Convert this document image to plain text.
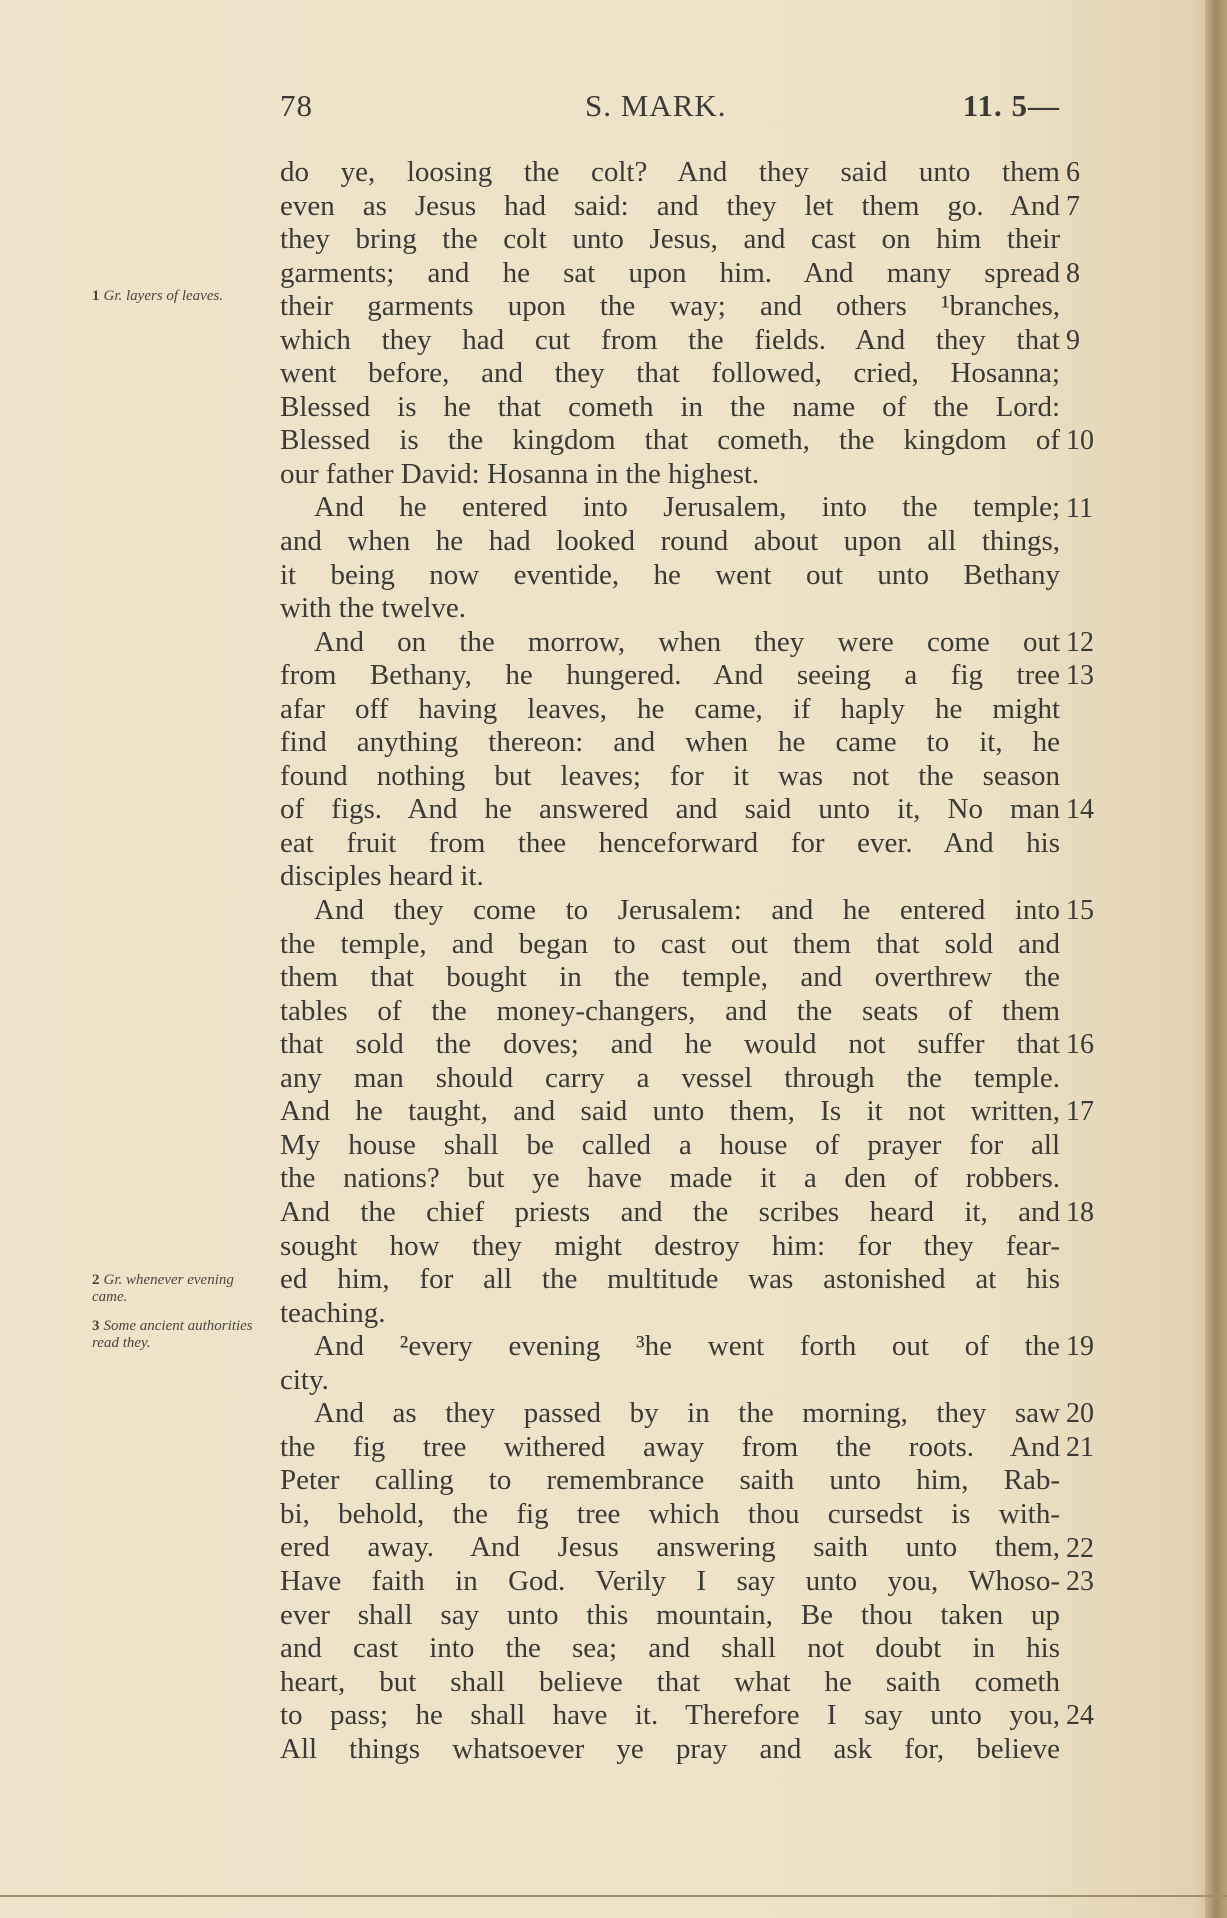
78	S. MARK.	11. 5—
do ye, loosing the colt? And they said unto them
even as Jesus had said: and they let them go. And
they bring the colt unto Jesus, and cast on him their
garments; and he sat upon him. And many spread
their garments upon the way; and others ¹branches,
which they had cut from the fields. And they that
went before, and they that followed, cried, Hosanna;
Blessed is he that cometh in the name of the Lord:
Blessed is the kingdom that cometh, the kingdom of
our father David: Hosanna in the highest.
And he entered into Jerusalem, into the temple;
and when he had looked round about upon all things,
it being now eventide, he went out unto Bethany
with the twelve.
And on the morrow, when they were come out
from Bethany, he hungered. And seeing a fig tree
afar off having leaves, he came, if haply he might
find anything thereon: and when he came to it, he
found nothing but leaves; for it was not the season
of figs. And he answered and said unto it, No man
eat fruit from thee henceforward for ever. And his
disciples heard it.
And they come to Jerusalem: and he entered into
the temple, and began to cast out them that sold and
them that bought in the temple, and overthrew the
tables of the money-changers, and the seats of them
that sold the doves; and he would not suffer that
any man should carry a vessel through the temple.
And he taught, and said unto them, Is it not written,
My house shall be called a house of prayer for all
the nations? but ye have made it a den of robbers.
And the chief priests and the scribes heard it, and
sought how they might destroy him: for they fear-
ed him, for all the multitude was astonished at his
teaching.
And ²every evening ³he went forth out of the
city.
And as they passed by in the morning, they saw
the fig tree withered away from the roots. And
Peter calling to remembrance saith unto him, Rab-
bi, behold, the fig tree which thou cursedst is with-
ered away. And Jesus answering saith unto them,
Have faith in God. Verily I say unto you, Whoso-
ever shall say unto this mountain, Be thou taken up
and cast into the sea; and shall not doubt in his
heart, but shall believe that what he saith cometh
to pass; he shall have it. Therefore I say unto you,
All things whatsoever ye pray and ask for, believe
6
7
8
9
10
11
12
13
14
15
16
17
18
19
20
21
22
23
24
1 Gr. layers of leaves.
2 Gr. whenever evening came.
3 Some ancient authorities read they.
